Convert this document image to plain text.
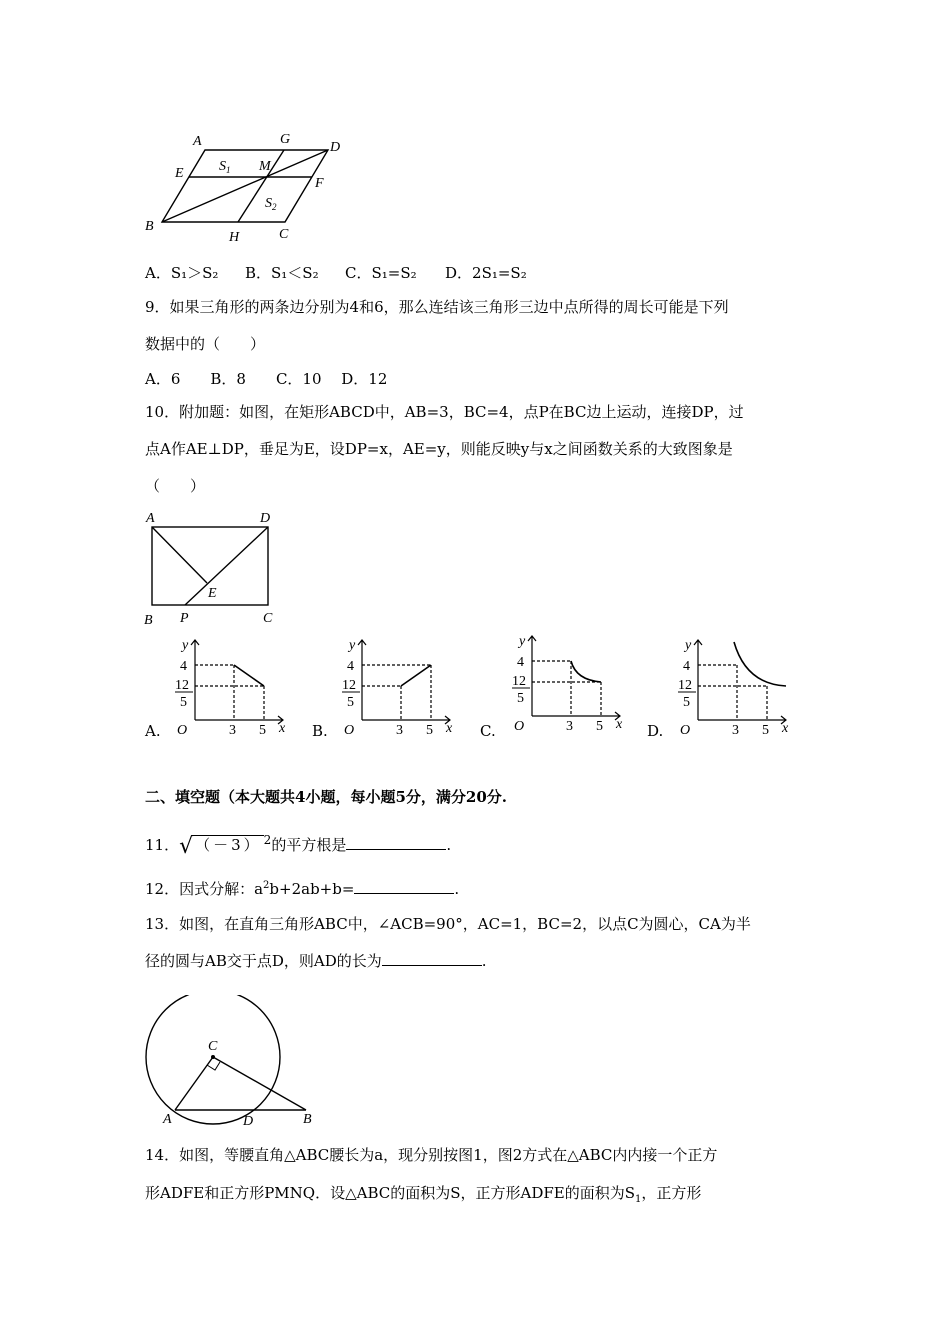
A	G
D
E	$S_1$ M
F
$S_2$
B
H	C
A．S₁＞S₂ B．S₁＜S₂ C．S₁=S₂ D．2S₁=S₂
9．如果三角形的两条边分别为4和6，那么连结该三角形三边中点所得的周长可能是下列
数据中的（　　）
A．6　　B．8　　C．10　 D．12
10．附加题：如图，在矩形ABCD中，AB=3，BC=4，点P在BC边上运动，连接DP，过
点A作AE⊥DP，垂足为E，设DP=x，AE=y，则能反映y与x之间函数关系的大致图象是
（　　）
A	D
E
B P	C
A.	B.	C.	D.
y
4
12
5
O	3 5 x
y
4
12
5
O	3 5 x
y
4
12
5
O	3 5 x
y
4
12
5
O	3 5 x
二、填空题（本大题共4小题，每小题5分，满分20分.
11．√ （－3） $^2$的平方根是	.
12．因式分解：$a^2b+2ab+b=$	.
13．如图，在直角三角形ABC中，∠ACB=90°，AC=1，BC=2，以点C为圆心，CA为半
径的圆与AB交于点D，则AD的长为	.
C
A	D	B
14．如图，等腰直角△ABC腰长为a，现分别按图1，图2方式在△ABC内内接一个正方
形ADFE和正方形PMNQ．设△ABC的面积为S，正方形ADFE的面积为$S_1$，正方形
